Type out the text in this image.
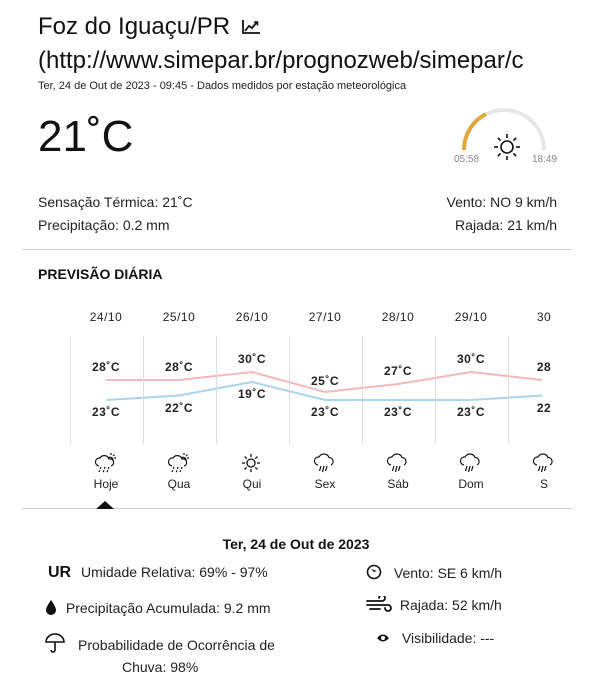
Foz do Iguaçu/PR
(http://www.simepar.br/prognozweb/simepar/c
Ter, 24 de Out de 2023 - 09:45 - Dados medidos por estação meteorológica
21˚C	05:58	18:49
Sensação Térmica: 21˚C
Precipitação: 0.2 mm
Vento: NO 9 km/h
Rajada: 21 km/h
PREVISÃO DIÁRIA
24/10
28˚C
23˚C
Hoje
25/10
28˚C
22˚C
Qua
26/10
30˚C
19˚C
Qui
27/10
25˚C
23˚C
Sex
28/10
27˚C
23˚C
Sáb
29/10
30˚C
23˚C
Dom
30
28
22
S
Ter, 24 de Out de 2023
UR Umidade Relativa: 69% - 97%
Precipitação Acumulada: 9.2 mm
Probabilidade de Ocorrência de
Chuva: 98%
Vento: SE 6 km/h
Rajada: 52 km/h
Visibilidade: ---
